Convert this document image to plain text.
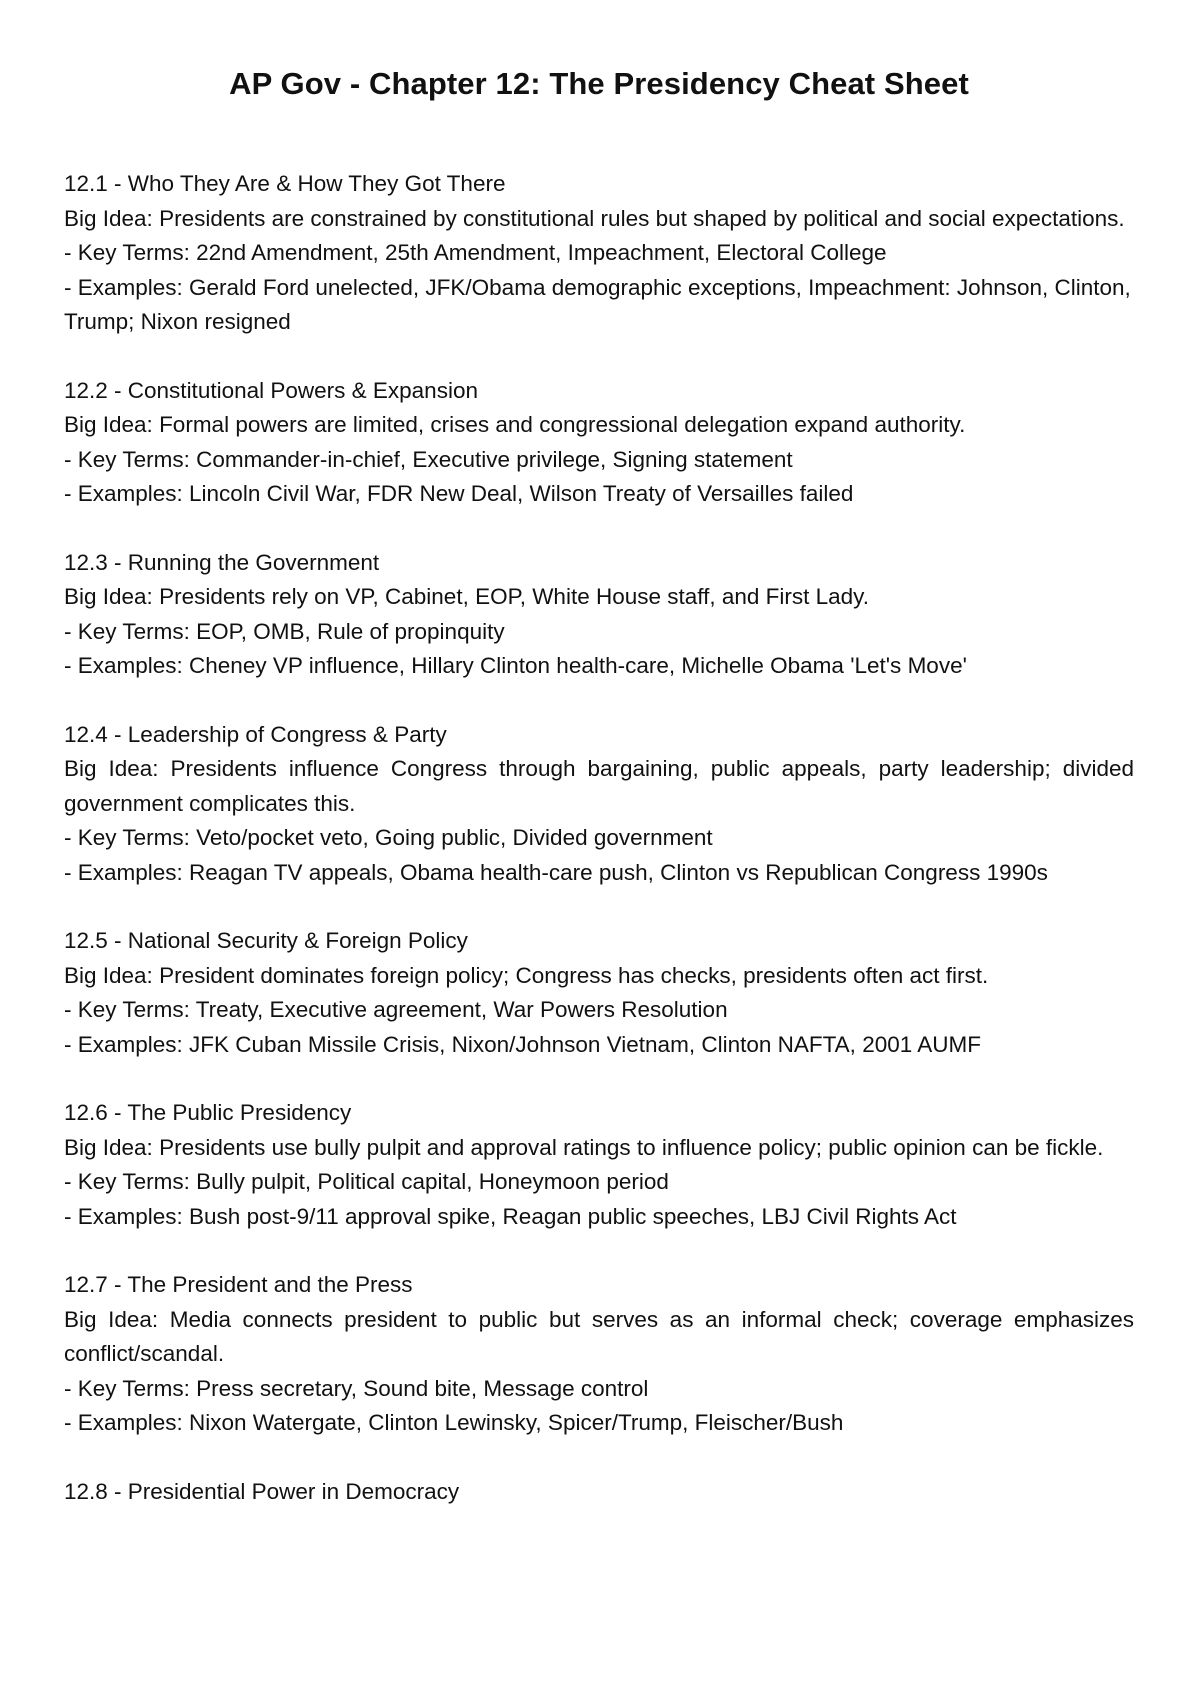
AP Gov - Chapter 12: The Presidency Cheat Sheet

12.1 - Who They Are & How They Got There

Big Idea: Presidents are constrained by constitutional rules but shaped by political and social expectations.

- Key Terms: 22nd Amendment, 25th Amendment, Impeachment, Electoral College

- Examples: Gerald Ford unelected, JFK/Obama demographic exceptions, Impeachment: Johnson, Clinton, Trump; Nixon resigned

12.2 - Constitutional Powers & Expansion

Big Idea: Formal powers are limited, crises and congressional delegation expand authority.

- Key Terms: Commander-in-chief, Executive privilege, Signing statement

- Examples: Lincoln Civil War, FDR New Deal, Wilson Treaty of Versailles failed

12.3 - Running the Government

Big Idea: Presidents rely on VP, Cabinet, EOP, White House staff, and First Lady.

- Key Terms: EOP, OMB, Rule of propinquity

- Examples: Cheney VP influence, Hillary Clinton health-care, Michelle Obama 'Let's Move'

12.4 - Leadership of Congress & Party

Big Idea: Presidents influence Congress through bargaining, public appeals, party leadership; divided government complicates this.

- Key Terms: Veto/pocket veto, Going public, Divided government

- Examples: Reagan TV appeals, Obama health-care push, Clinton vs Republican Congress 1990s

12.5 - National Security & Foreign Policy

Big Idea: President dominates foreign policy; Congress has checks, presidents often act first.

- Key Terms: Treaty, Executive agreement, War Powers Resolution

- Examples: JFK Cuban Missile Crisis, Nixon/Johnson Vietnam, Clinton NAFTA, 2001 AUMF

12.6 - The Public Presidency

Big Idea: Presidents use bully pulpit and approval ratings to influence policy; public opinion can be fickle.

- Key Terms: Bully pulpit, Political capital, Honeymoon period

- Examples: Bush post-9/11 approval spike, Reagan public speeches, LBJ Civil Rights Act

12.7 - The President and the Press

Big Idea: Media connects president to public but serves as an informal check; coverage emphasizes conflict/scandal.

- Key Terms: Press secretary, Sound bite, Message control

- Examples: Nixon Watergate, Clinton Lewinsky, Spicer/Trump, Fleischer/Bush

12.8 - Presidential Power in Democracy
